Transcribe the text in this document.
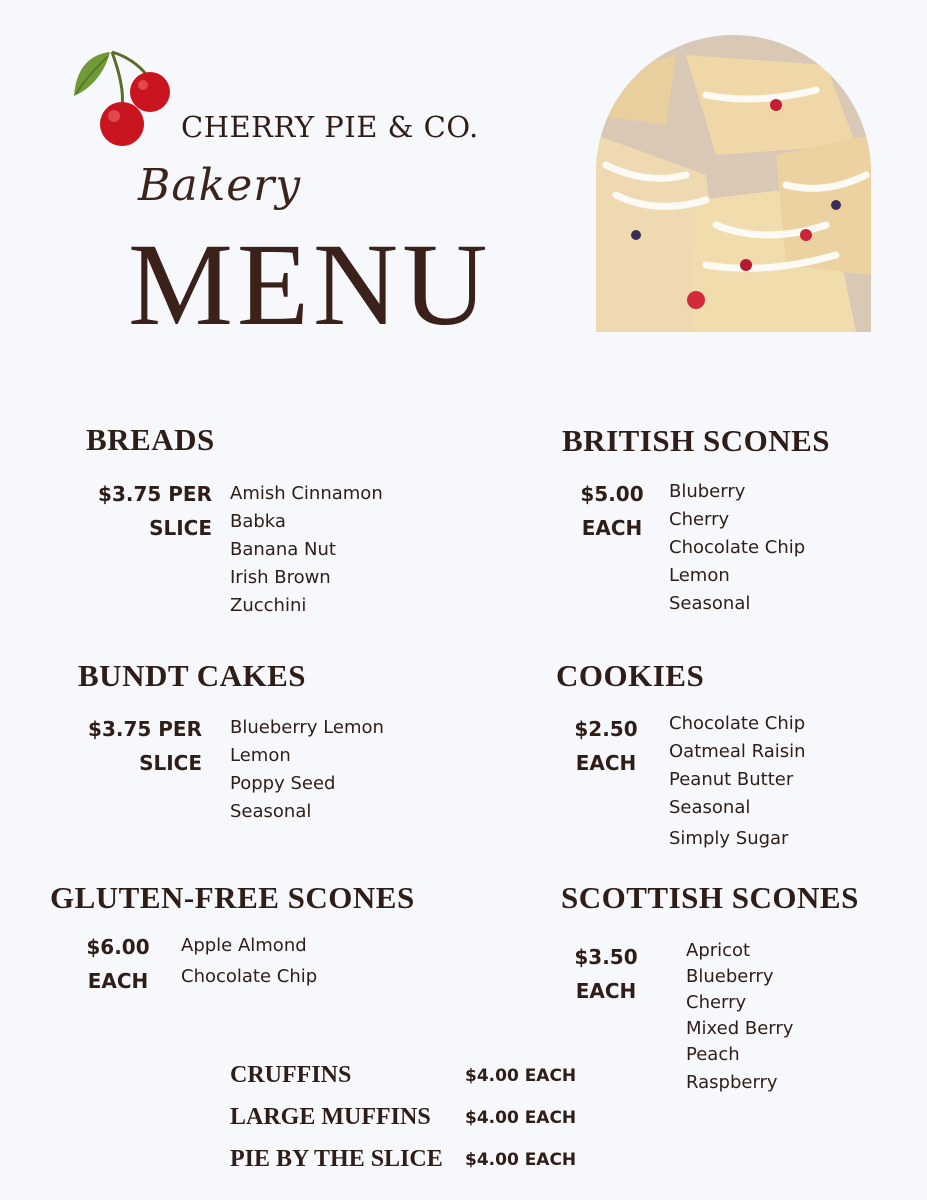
CHERRY PIE & CO.
Bakery
MENU
BREADS
$3.75 PER
SLICE
Amish Cinnamon
Babka
Banana Nut
Irish Brown
Zucchini
BRITISH SCONES
$5.00
EACH
Bluberry
Cherry
Chocolate Chip
Lemon
Seasonal
BUNDT CAKES
$3.75 PER
SLICE
Blueberry Lemon
Lemon
Poppy Seed
Seasonal
COOKIES
$2.50
EACH
Chocolate Chip
Oatmeal Raisin
Peanut Butter
Seasonal
Simply Sugar
GLUTEN-FREE SCONES
$6.00
EACH
Apple Almond
Chocolate Chip
SCOTTISH SCONES
$3.50
EACH
Apricot
Blueberry
Cherry
Mixed Berry
Peach
Raspberry
CRUFFINS	$4.00 EACH
LARGE MUFFINS $4.00 EACH
PIE BY THE SLICE $4.00 EACH
